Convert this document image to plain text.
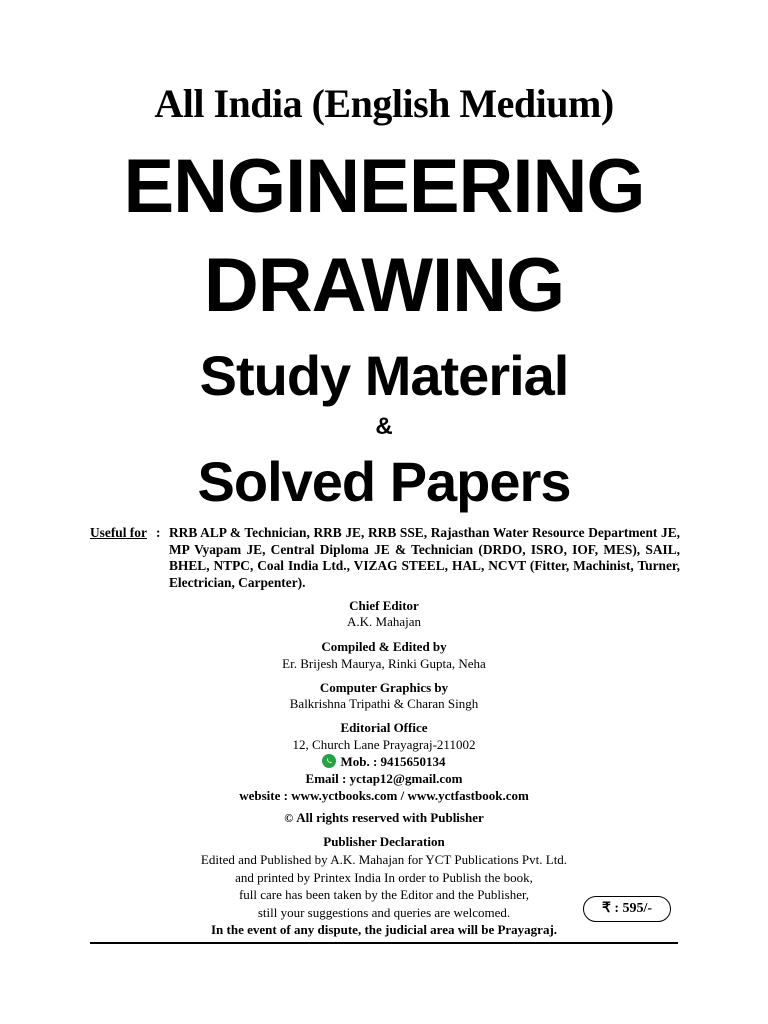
All India (English Medium)
ENGINEERING
DRAWING
Study Material
&
Solved Papers
Useful for : RRB ALP & Technician, RRB JE, RRB SSE, Rajasthan Water Resource Department JE, MP Vyapam JE, Central Diploma JE & Technician (DRDO, ISRO, IOF, MES), SAIL, BHEL, NTPC, Coal India Ltd., VIZAG STEEL, HAL, NCVT (Fitter, Machinist, Turner, Electrician, Carpenter).
Chief Editor
A.K. Mahajan
Compiled & Edited by
Er. Brijesh Maurya, Rinki Gupta, Neha
Computer Graphics by
Balkrishna Tripathi & Charan Singh
Editorial Office
12, Church Lane Prayagraj-211002
Mob. : 9415650134
Email : yctap12@gmail.com
website : www.yctbooks.com / www.yctfastbook.com
© All rights reserved with Publisher
Publisher Declaration
Edited and Published by A.K. Mahajan for YCT Publications Pvt. Ltd.
and printed by Printex India In order to Publish the book,
full care has been taken by the Editor and the Publisher,
still your suggestions and queries are welcomed.
In the event of any dispute, the judicial area will be Prayagraj.
₹ : 595/-
